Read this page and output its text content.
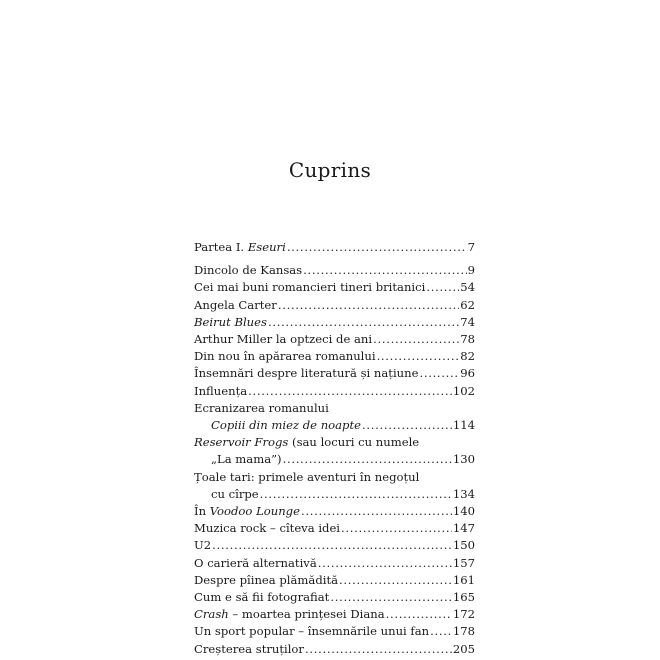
Cuprins
Partea I. Eseuri . . .	7
Dincolo de Kansas . . .	9
Cei mai buni romancieri tineri britanici . . .	54
Angela Carter . . .	62
Beirut Blues . . .	74
Arthur Miller la optzeci de ani . . .	78
Din nou în apărarea romanului . . .	82
Însemnări despre literatură și națiune . . .	96
Influența . . .	102
Ecranizarea romanului
Copiii din miez de noapte . . .	114
Reservoir Frogs (sau locuri cu numele
„La mama”) . . .	130
Țoale tari: primele aventuri în negoțul
cu cîrpe . . .	134
În Voodoo Lounge . . .	140
Muzica rock – cîteva idei . . .	147
U2 . . .	150
O carieră alternativă . . .	157
Despre pîinea plămădită . . .	161
Cum e să fii fotografiat . . .	165
Crash – moartea prințesei Diana . . .	172
Un sport popular – însemnările unui fan . . . 178
Creșterea struților . . .	205
